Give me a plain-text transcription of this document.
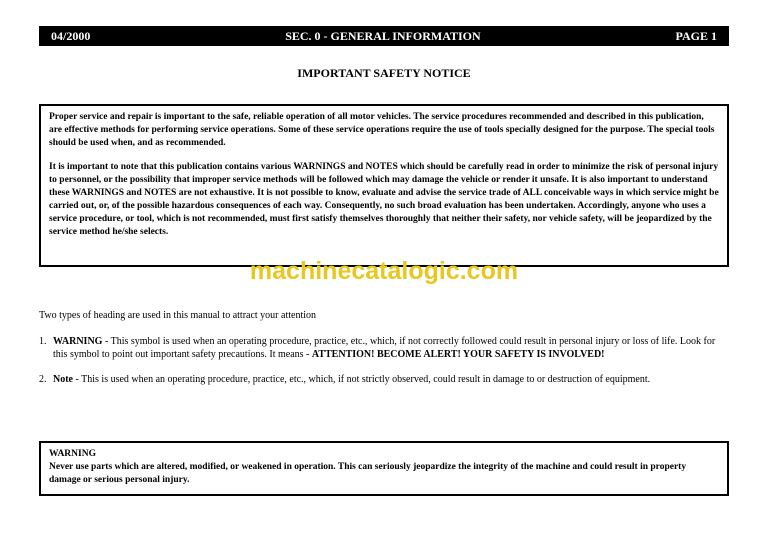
04/2000	SEC. 0 - GENERAL INFORMATION	PAGE 1
IMPORTANT SAFETY NOTICE

Proper service and repair is important to the safe, reliable operation of all motor vehicles. The service procedures recommended and described in this publication, are effective methods for performing service operations. Some of these service operations require the use of tools specially designed for the purpose. The special tools should be used when, and as recommended.

It is important to note that this publication contains various WARNINGS and NOTES which should be carefully read in order to minimize the risk of personal injury to personnel, or the possibility that improper service methods will be followed which may damage the vehicle or render it unsafe. It is also important to understand these WARNINGS and NOTES are not exhaustive. It is not possible to know, evaluate and advise the service trade of ALL conceivable ways in which service might be carried out, or, of the possible hazardous consequences of each way. Consequently, no such broad evaluation has been undertaken. Accordingly, anyone who uses a service procedure, or tool, which is not recommended, must first satisfy themselves thoroughly that neither their safety, nor vehicle safety, will be jeopardized by the service method he/she selects.

machinecatalogic.com
Two types of heading are used in this manual to attract your attention
1. WARNING - This symbol is used when an operating procedure, practice, etc., which, if not correctly followed could result in personal injury or loss of life. Look for this symbol to point out important safety precautions. It means - ATTENTION! BECOME ALERT! YOUR SAFETY IS INVOLVED!
2. Note - This is used when an operating procedure, practice, etc., which, if not strictly observed, could result in damage to or destruction of equipment.
WARNING
Never use parts which are altered, modified, or weakened in operation. This can seriously jeopardize the integrity of the machine and could result in property damage or serious personal injury.
